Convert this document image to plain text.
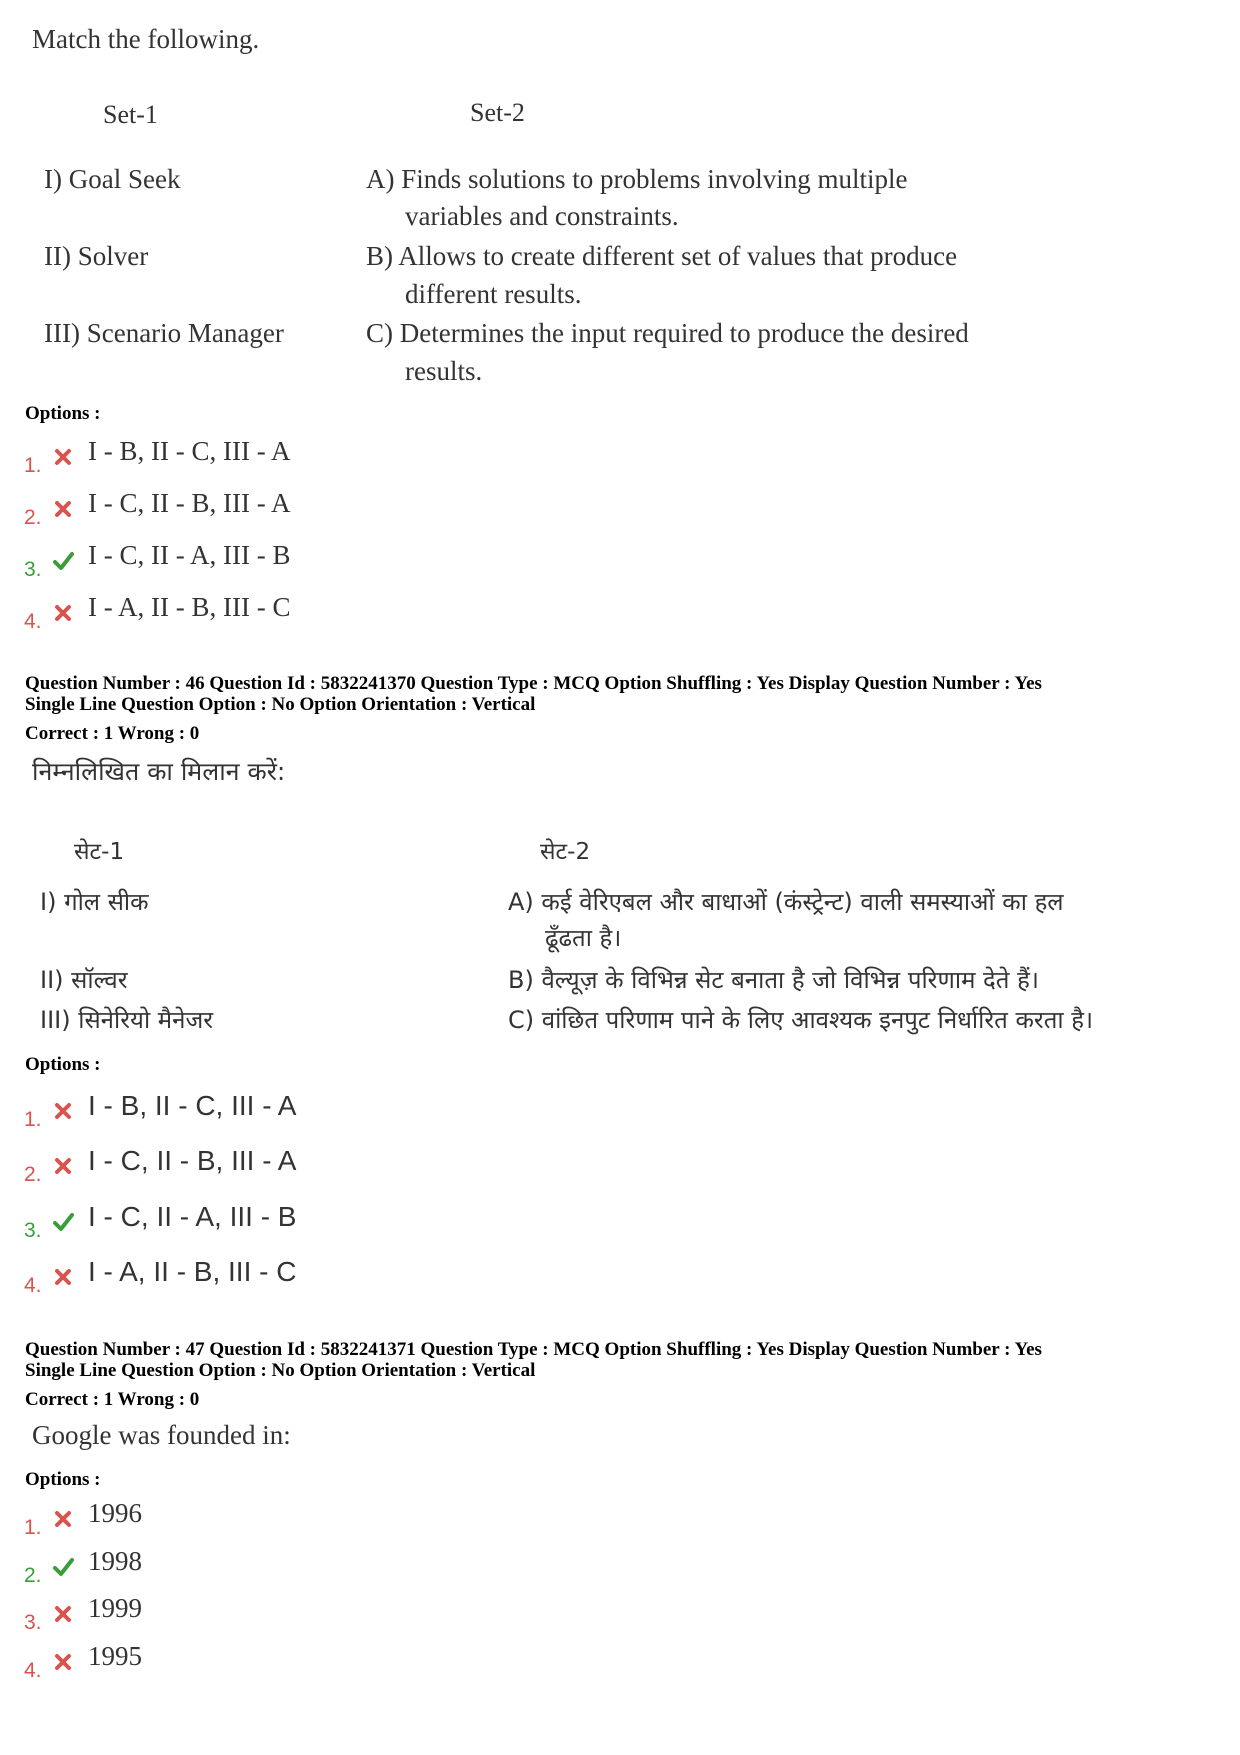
Match the following.
Set-1	Set-2
I) Goal Seek
II) Solver
III) Scenario Manager
A) Finds solutions to problems involving multiple
variables and constraints.
B) Allows to create different set of values that produce
different results.
C) Determines the input required to produce the desired
results.
Options :
1. I - B, II - C, III - A
2. I - C, II - B, III - A
3. I - C, II - A, III - B
4. I - A, II - B, III - C
Question Number : 46 Question Id : 5832241370 Question Type : MCQ Option Shuffling : Yes Display Question Number : Yes
Single Line Question Option : No Option Orientation : Vertical
Correct : 1 Wrong : 0
निम्नलिखित का मिलान करें:
सेट-1	सेट-2
I) गोल सीक
II) सॉल्वर
III) सिनेरियो मैनेजर
A) कई वेरिएबल और बाधाओं (कंस्ट्रेन्ट) वाली समस्याओं का हल
ढूँढता है।
B) वैल्यूज़ के विभिन्न सेट बनाता है जो विभिन्न परिणाम देते हैं।
C) वांछित परिणाम पाने के लिए आवश्यक इनपुट निर्धारित करता है।
Options :
1. I - B, II - C, III - A
2. I - C, II - B, III - A
3. I - C, II - A, III - B
4. I - A, II - B, III - C
Question Number : 47 Question Id : 5832241371 Question Type : MCQ Option Shuffling : Yes Display Question Number : Yes
Single Line Question Option : No Option Orientation : Vertical
Correct : 1 Wrong : 0
Google was founded in:
Options :
1. 1996
2. 1998
3. 1999
4. 1995
